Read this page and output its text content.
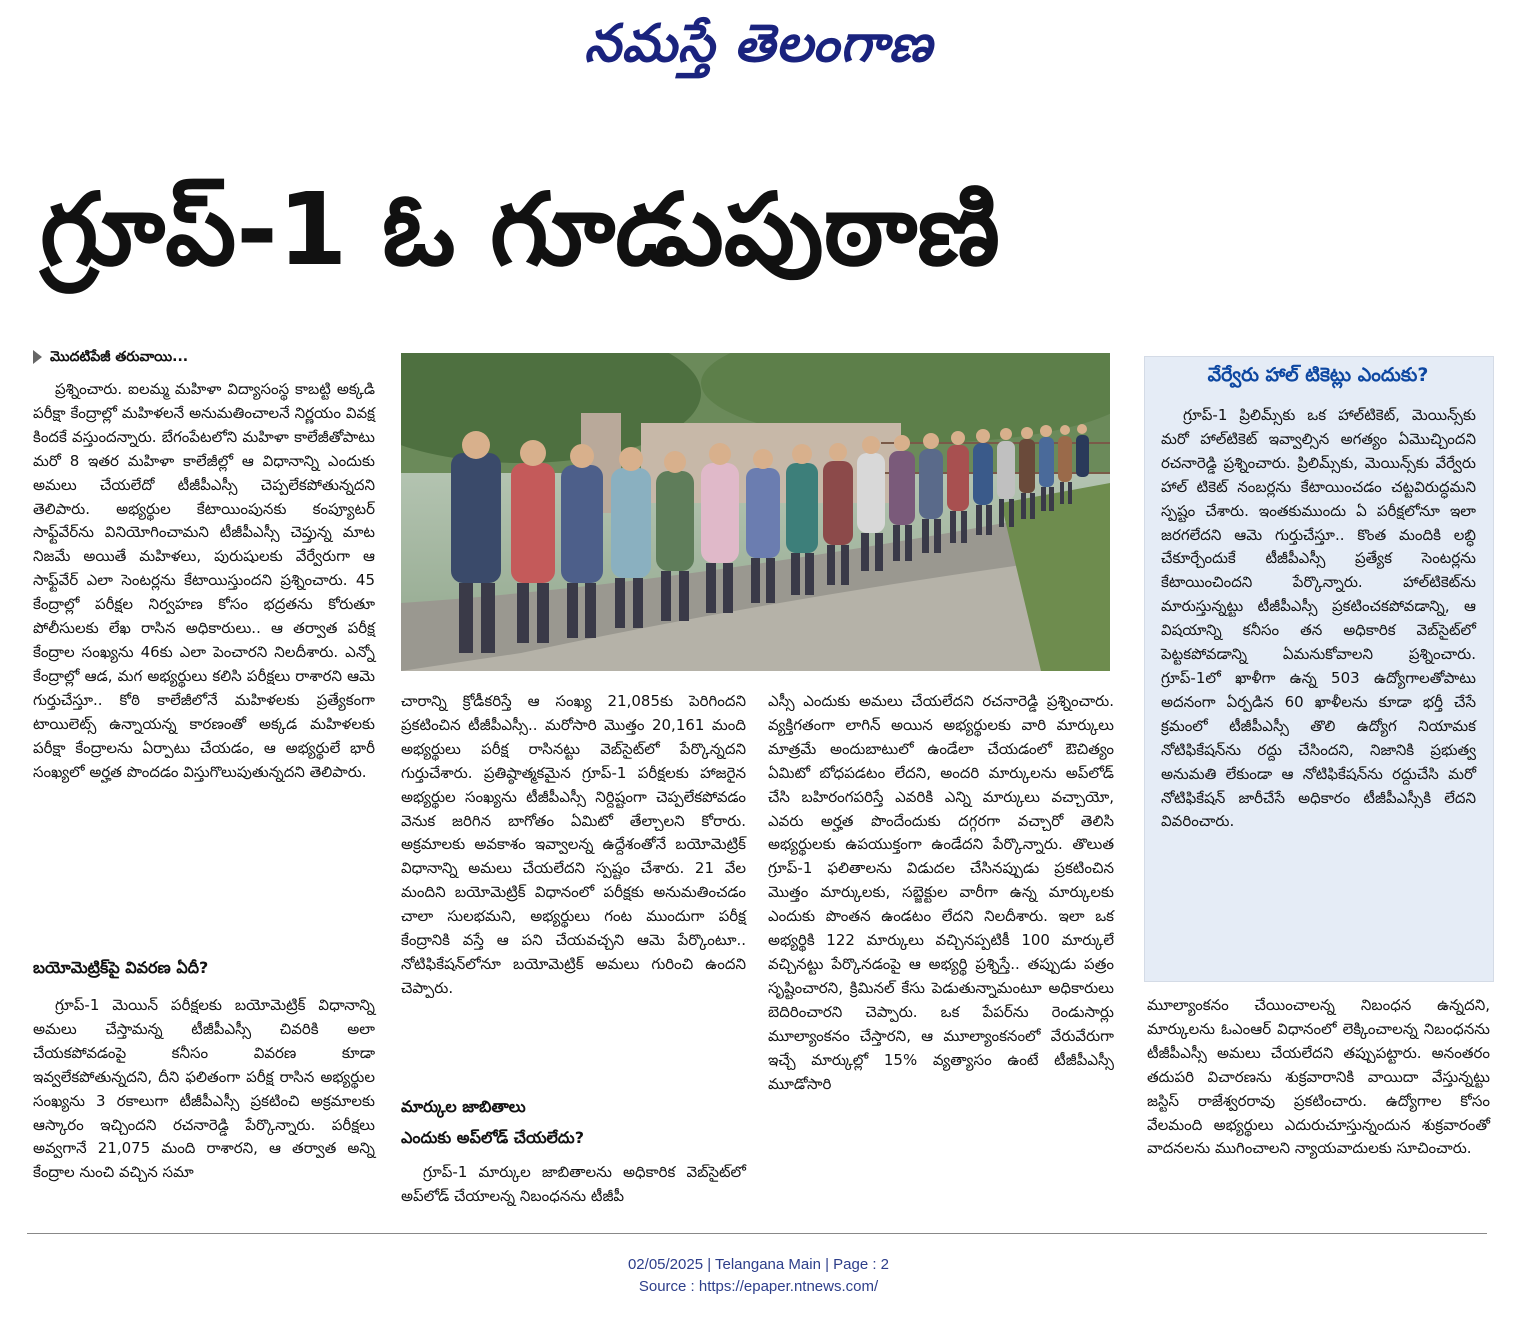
నమస్తే తెలంగాణ
గ్రూప్-1 ఓ గూడుపుఠాణి
మొదటిపేజీ తరువాయి...

ప్రశ్నించారు. ఐలమ్మ మహిళా విద్యాసంస్థ కాబట్టి అక్కడి పరీక్షా కేంద్రాల్లో మహిళలనే అనుమతించాలనే నిర్ణయం వివక్ష కిందకే వస్తుందన్నారు. బేగంపేటలోని మహిళా కాలేజీతోపాటు మరో 8 ఇతర మహిళా కాలేజీల్లో ఆ విధానాన్ని ఎందుకు అమలు చేయలేదో టీజీపీఎస్సీ చెప్పలేకపోతున్నదని తెలిపారు. అభ్యర్థుల కేటాయింపునకు కంప్యూటర్ సాఫ్ట్‌వేర్‌ను వినియోగించామని టీజీపీఎస్సీ చెప్తున్న మాట నిజమే అయితే మహిళలు, పురుషులకు వేర్వేరుగా ఆ సాఫ్ట్‌వేర్ ఎలా సెంటర్లను కేటాయిస్తుందని ప్రశ్నించారు. 45 కేంద్రాల్లో పరీక్షల నిర్వహణ కోసం భద్రతను కోరుతూ పోలీసులకు లేఖ రాసిన అధికారులు.. ఆ తర్వాత పరీక్ష కేంద్రాల సంఖ్యను 46కు ఎలా పెంచారని నిలదీశారు. ఎన్నో కేంద్రాల్లో ఆడ, మగ అభ్యర్థులు కలిసి పరీక్షలు రాశారని ఆమె గుర్తుచేస్తూ.. కోఠి కాలేజీలోనే మహిళలకు ప్రత్యేకంగా టాయిలెట్స్ ఉన్నాయన్న కారణంతో అక్కడ మహిళలకు పరీక్షా కేంద్రాలను ఏర్పాటు చేయడం, ఆ అభ్యర్థులే భారీ సంఖ్యలో అర్హత పొందడం విస్తుగొలుపుతున్నదని తెలిపారు.

బయోమెట్రిక్‌పై వివరణ ఏదీ?

గ్రూప్-1 మెయిన్ పరీక్షలకు బయోమెట్రిక్ విధానాన్ని అమలు చేస్తామన్న టీజీపీఎస్సీ చివరికి అలా చేయకపోవడంపై కనీసం వివరణ కూడా ఇవ్వలేకపోతున్నదని, దీని ఫలితంగా పరీక్ష రాసిన అభ్యర్థుల సంఖ్యను 3 రకాలుగా టీజీపీఎస్సీ ప్రకటించి అక్రమాలకు ఆస్కారం ఇచ్చిందని రచనారెడ్డి పేర్కొన్నారు. పరీక్షలు అవ్వగానే 21,075 మంది రాశారని, ఆ తర్వాత అన్ని కేంద్రాల నుంచి వచ్చిన సమా

చారాన్ని క్రోడీకరిస్తే ఆ సంఖ్య 21,085కు పెరిగిందని ప్రకటించిన టీజీపీఎస్సీ.. మరోసారి మొత్తం 20,161 మంది అభ్యర్థులు పరీక్ష రాసినట్టు వెబ్‌సైట్‌లో పేర్కొన్నదని గుర్తుచేశారు. ప్రతిష్ఠాత్మకమైన గ్రూప్-1 పరీక్షలకు హాజరైన అభ్యర్థుల సంఖ్యను టీజీపీఎస్సీ నిర్దిష్టంగా చెప్పలేకపోవడం వెనుక జరిగిన బాగోతం ఏమిటో తేల్చాలని కోరారు. అక్రమాలకు అవకాశం ఇవ్వాలన్న ఉద్దేశంతోనే బయోమెట్రిక్ విధానాన్ని అమలు చేయలేదని స్పష్టం చేశారు. 21 వేల మందిని బయోమెట్రిక్ విధానంలో పరీక్షకు అనుమతించడం చాలా సులభమని, అభ్యర్థులు గంట ముందుగా పరీక్ష కేంద్రానికి వస్తే ఆ పని చేయవచ్చని ఆమె పేర్కొంటూ.. నోటిఫికేషన్‌లోనూ బయోమెట్రిక్ అమలు గురించి ఉందని చెప్పారు.

మార్కుల జాబితాలు
ఎందుకు అప్‌లోడ్ చేయలేదు?

గ్రూప్-1 మార్కుల జాబితాలను అధికారిక వెబ్‌సైట్‌లో అప్‌లోడ్ చేయాలన్న నిబంధనను టీజీపీ

ఎస్సీ ఎందుకు అమలు చేయలేదని రచనారెడ్డి ప్రశ్నించారు. వ్యక్తిగతంగా లాగిన్ అయిన అభ్యర్థులకు వారి మార్కులు మాత్రమే అందుబాటులో ఉండేలా చేయడంలో ఔచిత్యం ఏమిటో బోధపడటం లేదని, అందరి మార్కులను అప్‌లోడ్ చేసి బహిరంగపరిస్తే ఎవరికి ఎన్ని మార్కులు వచ్చాయో, ఎవరు అర్హత పొందేందుకు దగ్గరగా వచ్చారో తెలిసి అభ్యర్థులకు ఉపయుక్తంగా ఉండేదని పేర్కొన్నారు. తొలుత గ్రూప్-1 ఫలితాలను విడుదల చేసినప్పుడు ప్రకటించిన మొత్తం మార్కులకు, సబ్జెక్టుల వారీగా ఉన్న మార్కులకు ఎందుకు పొంతన ఉండటం లేదని నిలదీశారు. ఇలా ఒక అభ్యర్థికి 122 మార్కులు వచ్చినప్పటికీ 100 మార్కులే వచ్చినట్టు పేర్కొనడంపై ఆ అభ్యర్థి ప్రశ్నిస్తే.. తప్పుడు పత్రం సృష్టించారని, క్రిమినల్ కేసు పెడుతున్నామంటూ అధికారులు బెదిరించారని చెప్పారు. ఒక పేపర్‌ను రెండుసార్లు మూల్యాంకనం చేస్తారని, ఆ మూల్యాంకనంలో వేరువేరుగా ఇచ్చే మార్కుల్లో 15% వ్యత్యాసం ఉంటే టీజీపీఎస్సీ మూడోసారి

వేర్వేరు హాల్ టికెట్లు ఎందుకు?

గ్రూప్-1 ప్రిలిమ్స్‌కు ఒక హాల్‌టికెట్, మెయిన్స్‌కు మరో హాల్‌టికెట్ ఇవ్వాల్సిన అగత్యం ఏమొచ్చిందని రచనారెడ్డి ప్రశ్నించారు. ప్రిలిమ్స్‌కు, మెయిన్స్‌కు వేర్వేరు హాల్ టికెట్ నంబర్లను కేటాయించడం చట్టవిరుద్ధమని స్పష్టం చేశారు. ఇంతకుముందు ఏ పరీక్షలోనూ ఇలా జరగలేదని ఆమె గుర్తుచేస్తూ.. కొంత మందికి లబ్ధి చేకూర్చేందుకే టీజీపీఎస్సీ ప్రత్యేక సెంటర్లను కేటాయించిందని పేర్కొన్నారు. హాల్‌టికెట్‌ను మారుస్తున్నట్టు టీజీపీఎస్సీ ప్రకటించకపోవడాన్ని, ఆ విషయాన్ని కనీసం తన అధికారిక వెబ్‌సైట్‌లో పెట్టకపోవడాన్ని ఏమనుకోవాలని ప్రశ్నించారు. గ్రూప్-1లో ఖాళీగా ఉన్న 503 ఉద్యోగాలతోపాటు అదనంగా ఏర్పడిన 60 ఖాళీలను కూడా భర్తీ చేసే క్రమంలో టీజీపీఎస్సీ తొలి ఉద్యోగ నియామక నోటిఫికేషన్‌ను రద్దు చేసిందని, నిజానికి ప్రభుత్వ అనుమతి లేకుండా ఆ నోటిఫికేషన్‌ను రద్దుచేసి మరో నోటిఫికేషన్ జారీచేసే అధికారం టీజీపీఎస్సీకి లేదని వివరించారు.

మూల్యాంకనం చేయించాలన్న నిబంధన ఉన్నదని, మార్కులను ఓఎంఆర్ విధానంలో లెక్కించాలన్న నిబంధనను టీజీపీఎస్సీ అమలు చేయలేదని తప్పుపట్టారు. అనంతరం తదుపరి విచారణను శుక్రవారానికి వాయిదా వేస్తున్నట్టు జస్టిస్ రాజేశ్వరరావు ప్రకటించారు. ఉద్యోగాల కోసం వేలమంది అభ్యర్థులు ఎదురుచూస్తున్నందున శుక్రవారంతో వాదనలను ముగించాలని న్యాయవాదులకు సూచించారు.

02/05/2025 | Telangana Main | Page : 2
Source : https://epaper.ntnews.com/
